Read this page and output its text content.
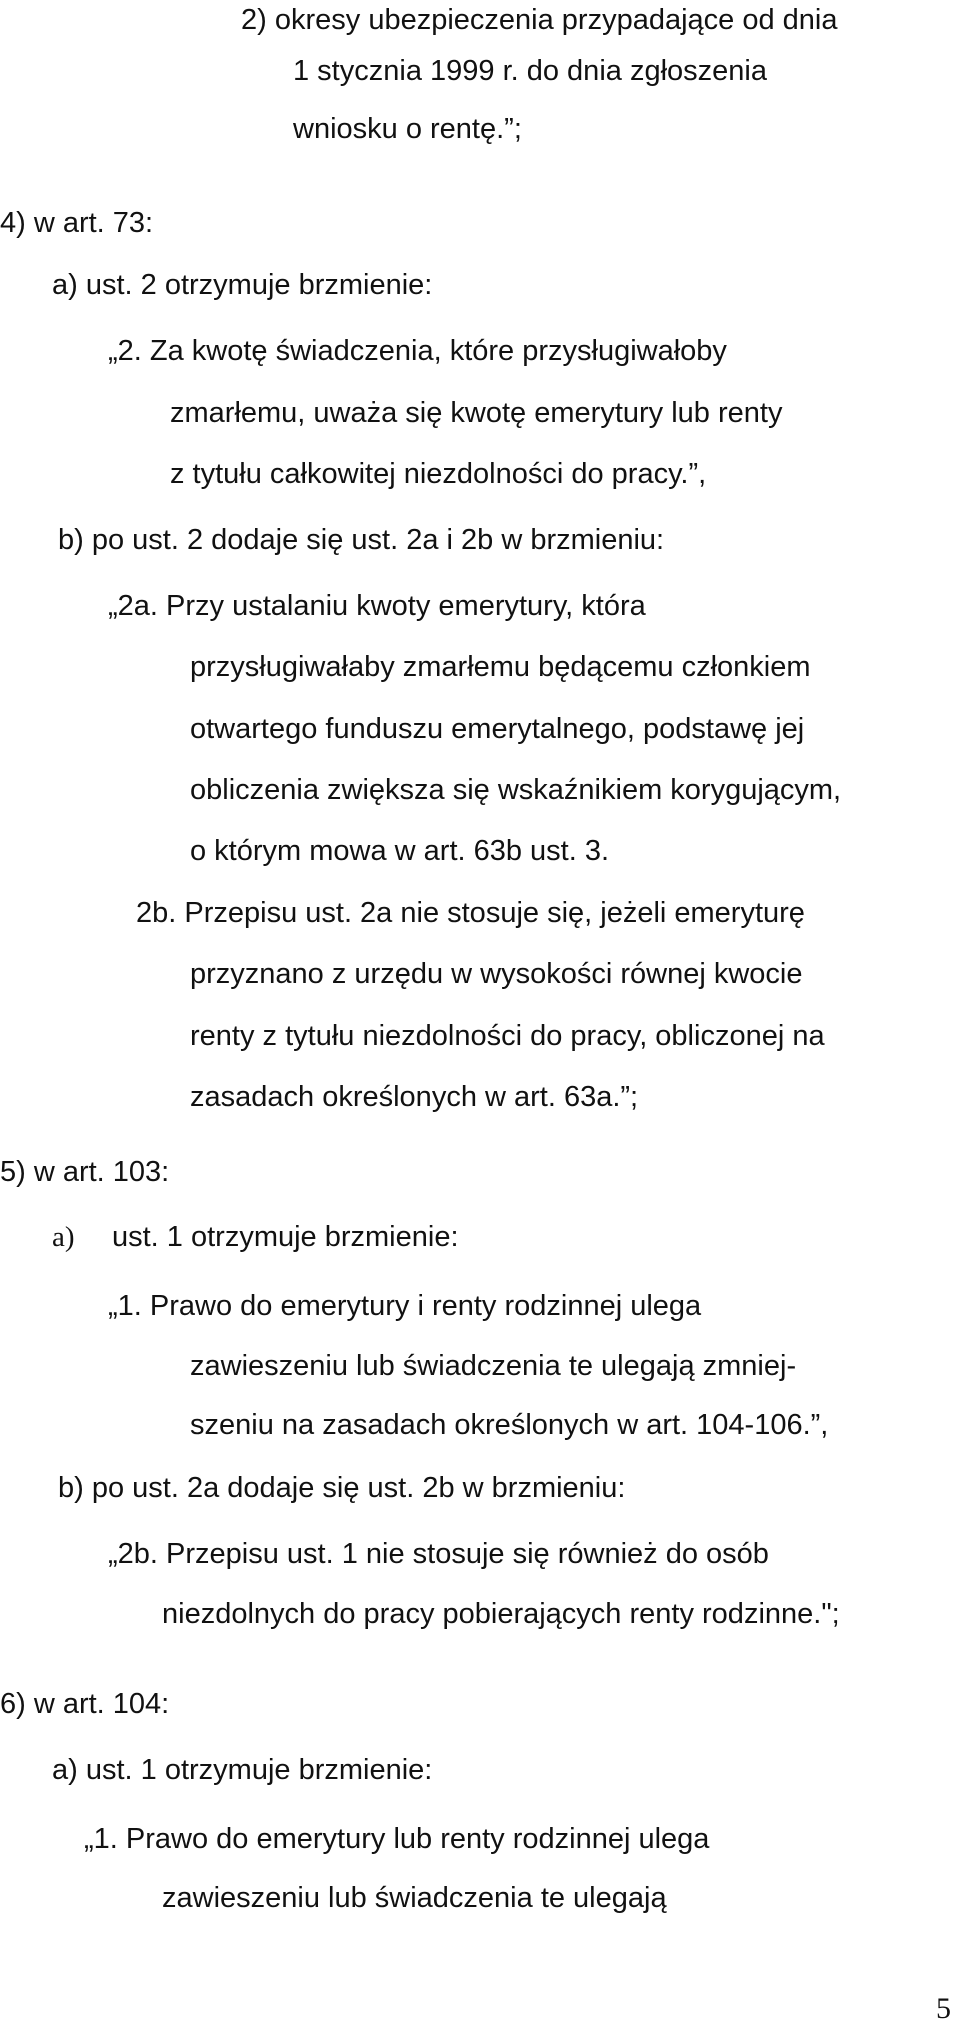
2) okresy ubezpieczenia przypadające od dnia
1 stycznia 1999 r. do dnia zgłoszenia
wniosku o rentę.”;
4) w art. 73:
a) ust. 2 otrzymuje brzmienie:
„2. Za kwotę świadczenia, które przysługiwałoby
zmarłemu, uważa się kwotę emerytury lub renty
z tytułu całkowitej niezdolności do pracy.”,
b) po ust. 2 dodaje się ust. 2a i 2b w brzmieniu:
„2a. Przy ustalaniu kwoty emerytury, która
przysługiwałaby zmarłemu będącemu członkiem
otwartego funduszu emerytalnego, podstawę jej
obliczenia zwiększa się wskaźnikiem korygującym,
o którym mowa w art. 63b ust. 3.
2b. Przepisu ust. 2a nie stosuje się, jeżeli emeryturę
przyznano z urzędu w wysokości równej kwocie
renty z tytułu niezdolności do pracy, obliczonej na
zasadach określonych w art. 63a.”;
5) w art. 103:
a) ust. 1 otrzymuje brzmienie:
„1. Prawo do emerytury i renty rodzinnej ulega
zawieszeniu lub świadczenia te ulegają zmniej-
szeniu na zasadach określonych w art. 104-106.”,
b) po ust. 2a dodaje się ust. 2b w brzmieniu:
„2b. Przepisu ust. 1 nie stosuje się również do osób
niezdolnych do pracy pobierających renty rodzinne.";
6) w art. 104:
a) ust. 1 otrzymuje brzmienie:
„1. Prawo do emerytury lub renty rodzinnej ulega
zawieszeniu lub świadczenia te ulegają
5
